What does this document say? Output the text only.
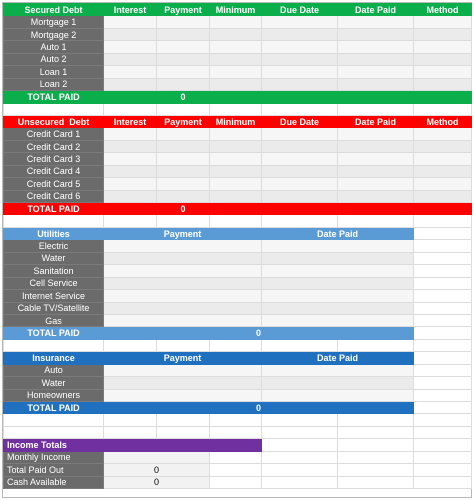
Secured Debt	Interest	Payment	Minimum	Due Date	Date Paid	Method
Mortgage 1						
Mortgage 2						
Auto 1						
Auto 2						
Loan 1						
Loan 2						
TOTAL PAID		0				

Unsecured  Debt	Interest	Payment	Minimum	Due Date	Date Paid	Method
Credit Card 1						
Credit Card 2						
Credit Card 3						
Credit Card 4						
Credit Card 5						
Credit Card 6						
TOTAL PAID		0				

Utilities	Payment			Date Paid		
Electric						
Water						
Sanitation						
Cell Service						
Internet Service						
Cable TV/Satellite						
Gas						
TOTAL PAID	0					

Insurance	Payment			Date Paid		
Auto						
Water						
Homeowners						
TOTAL PAID	0					

Income Totals						
Monthly Income						
Total Paid Out	0					
Cash Available	0					
